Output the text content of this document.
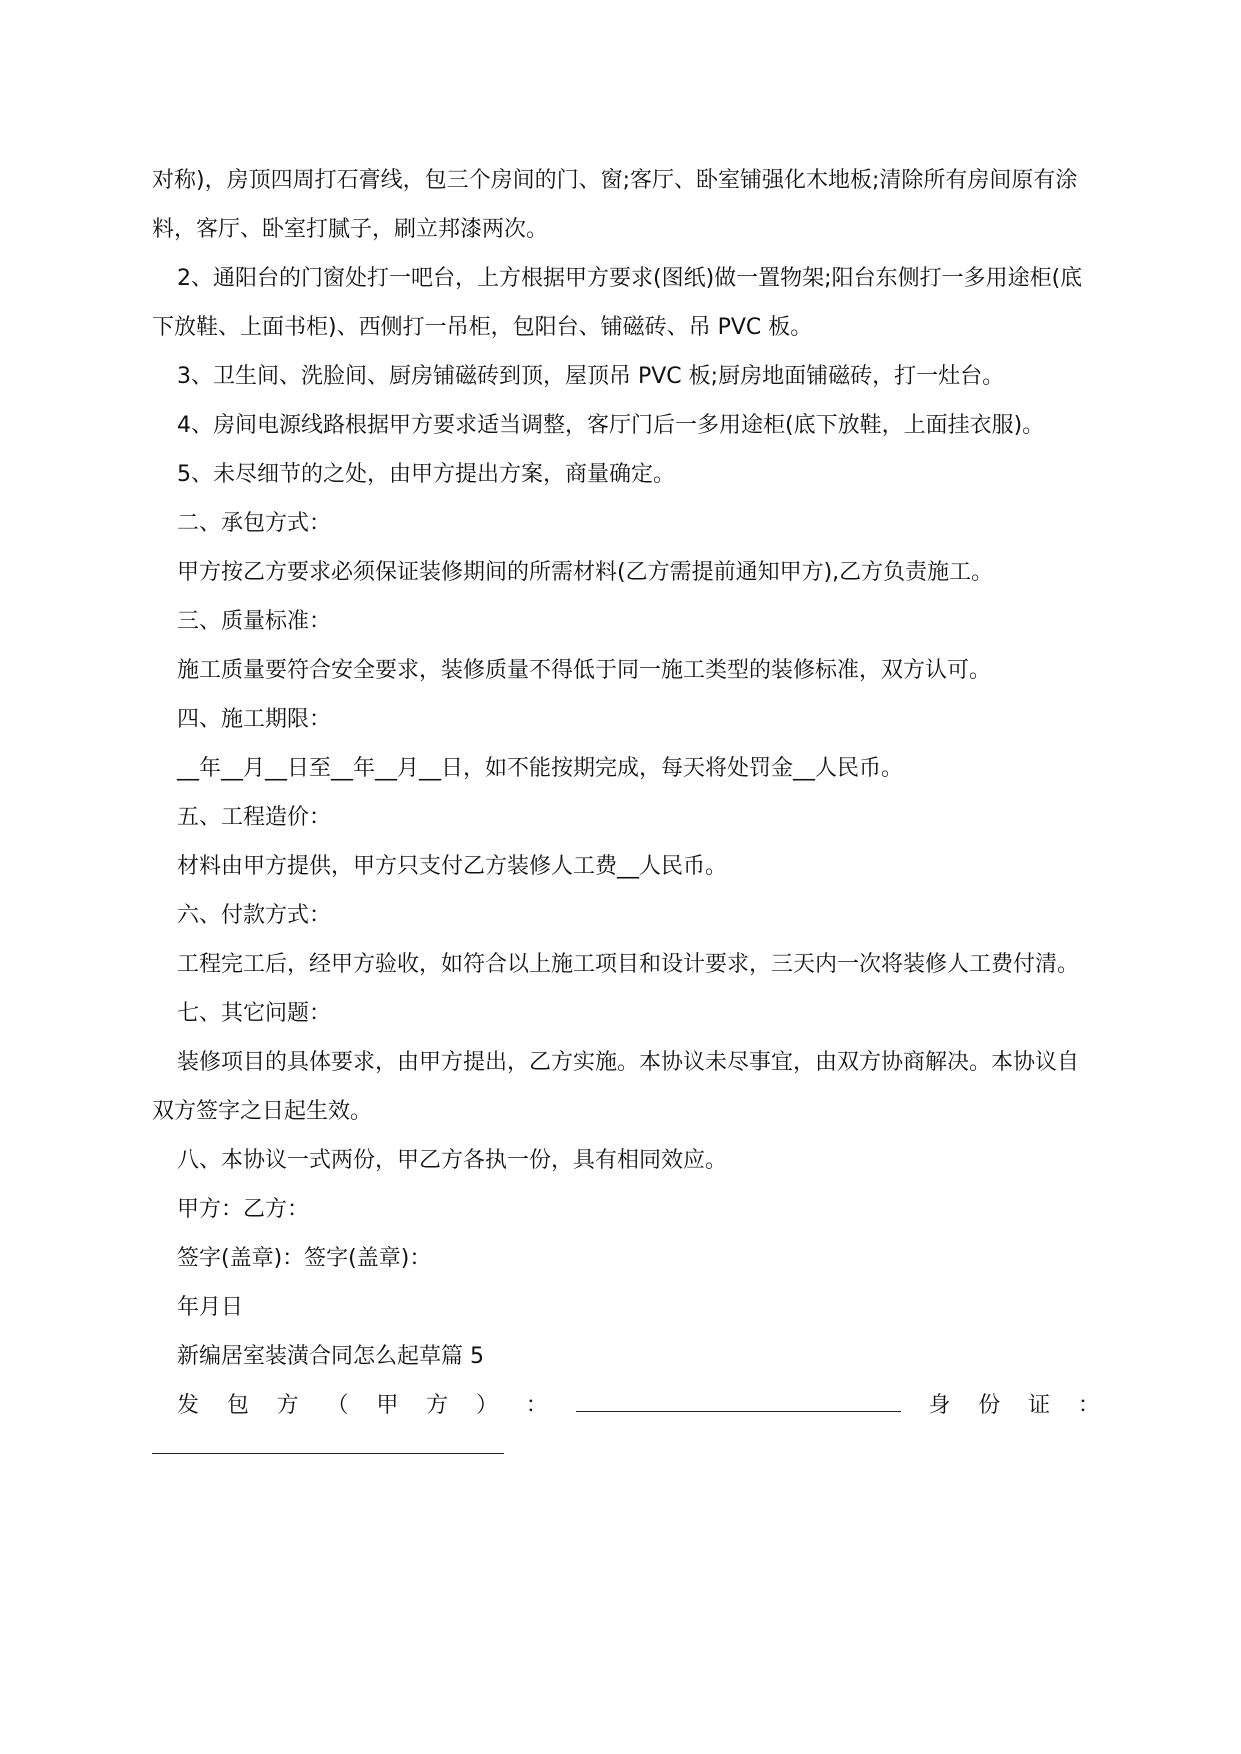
对称)，房顶四周打石膏线，包三个房间的门、窗;客厅、卧室铺强化木地板;清除所有房间原有涂料，客厅、卧室打腻子，刷立邦漆两次。

2、通阳台的门窗处打一吧台，上方根据甲方要求(图纸)做一置物架;阳台东侧打一多用途柜(底下放鞋、上面书柜)、西侧打一吊柜，包阳台、铺磁砖、吊 PVC 板。

3、卫生间、洗脸间、厨房铺磁砖到顶，屋顶吊 PVC 板;厨房地面铺磁砖，打一灶台。

4、房间电源线路根据甲方要求适当调整，客厅门后一多用途柜(底下放鞋，上面挂衣服)。

5、未尽细节的之处，由甲方提出方案，商量确定。

二、承包方式：

甲方按乙方要求必须保证装修期间的所需材料(乙方需提前通知甲方),乙方负责施工。

三、质量标准：

施工质量要符合安全要求，装修质量不得低于同一施工类型的装修标准，双方认可。

四、施工期限：

__年__月__日至__年__月__日，如不能按期完成，每天将处罚金__人民币。

五、工程造价：

材料由甲方提供，甲方只支付乙方装修人工费__人民币。

六、付款方式：

工程完工后，经甲方验收，如符合以上施工项目和设计要求，三天内一次将装修人工费付清。

七、其它问题：

装修项目的具体要求，由甲方提出，乙方实施。本协议未尽事宜，由双方协商解决。本协议自双方签字之日起生效。

八、本协议一式两份，甲乙方各执一份，具有相同效应。

甲方：乙方：

签字(盖章)：签字(盖章)：

年月日

新编居室装潢合同怎么起草篇 5

发 包 方 （ 甲 方 ） ：	身 份 证 ：
